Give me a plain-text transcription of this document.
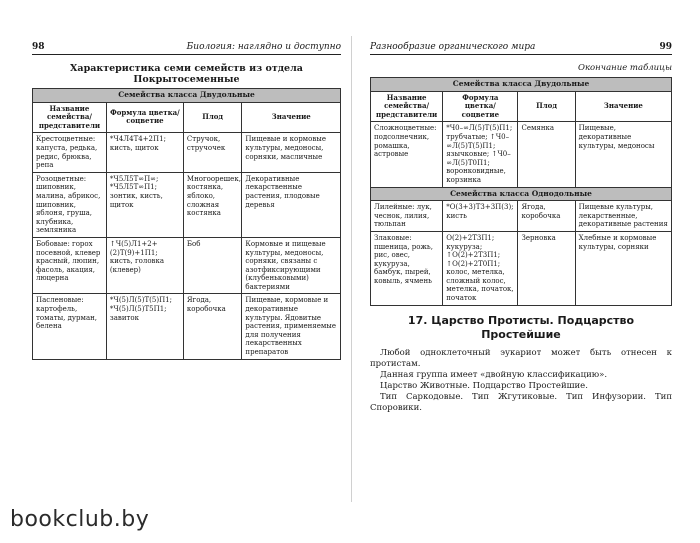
98	Биология: наглядно и доступно
Характеристика семи семейств из отдела Покрытосеменные
Семейства класса Двудольные			
Название семейства/ представители	Формула цветка/ соцветие	Плод	Значение
Крестоцветные: капуста, редька, редис, брюква, репа	*Ч4Л4Т4+2П1; кисть, щиток	Стручок, стручочек	Пищевые и кормовые культуры, медоносы, сорняки, масличные
Розоцветные: шиповник, малина, абрикос, шиповник, яблоня, груша, клубника, земляника	*Ч5Л5Т∞П∞; *Ч5Л5Т∞П1; зонтик, кисть, щиток	Многоорешек, костянка, яблоко, сложная костянка	Декоративные лекарственные растения, плодовые деревья
Бобовые: горох посевной, клевер красный, люпин, фасоль, акация, люцерна	↑Ч(5)Л1+2+(2)Т(9)+1П1; кисть, головка (клевер)	Боб	Кормовые и пищевые культуры, медоносы, сорняки, связаны с азотфиксирующими (клубеньковыми) бактериями
Пасленовые: картофель, томаты, дурман, белена	*Ч(5)Л(5)Т(5)П1; *Ч(5)Л(5)Т5П1; завиток	Ягода, коробочка	Пищевые, кормовые и декоративные культуры. Ядовитые растения, применяемые для получения лекарственных препаратов
Разнообразие органического мира	99
Окончание таблицы
Семейства класса Двудольные			
Название семейства/ представители	Формула цветка/ соцветие	Плод	Значение
Сложноцветные: подсолнечник, ромашка, астровые	*Ч0–∞Л(5)Т(5)П1; трубчатые; ↑Ч0–∞Л(5)Т(5)П1; язычковые; ↑Ч0–∞Л(5)Т0П1; воронковидные, корзинка	Семянка	Пищевые, декоративные культуры, медоносы
Семейства класса Однодольные			
Лилейные: лук, чеснок, лилия, тюльпан	*О(3+3)Т3+3П(3); кисть	Ягода, коробочка	Пищевые культуры, лекарственные, декоративные растения
Злаковые: пшеница, рожь, рис, овес, кукуруза, бамбук, пырей, ковыль, ячмень	О(2)+2Т3П1; кукуруза; ↑О(2)+2Т3П1; ↑О(2)+2Т0П1; колос, метелка, сложный колос, метелка, початок, початок	Зерновка	Хлебные и кормовые культуры, сорняки
17. Царство Протисты. Подцарство Простейшие

Любой одноклеточный эукариот может быть отнесен к протистам.

Данная группа имеет «двойную классификацию».

Царство Животные. Подцарство Простейшие.

Тип Саркодовые. Тип Жгутиковые. Тип Инфузории. Тип Споровики.

bookclub.by
